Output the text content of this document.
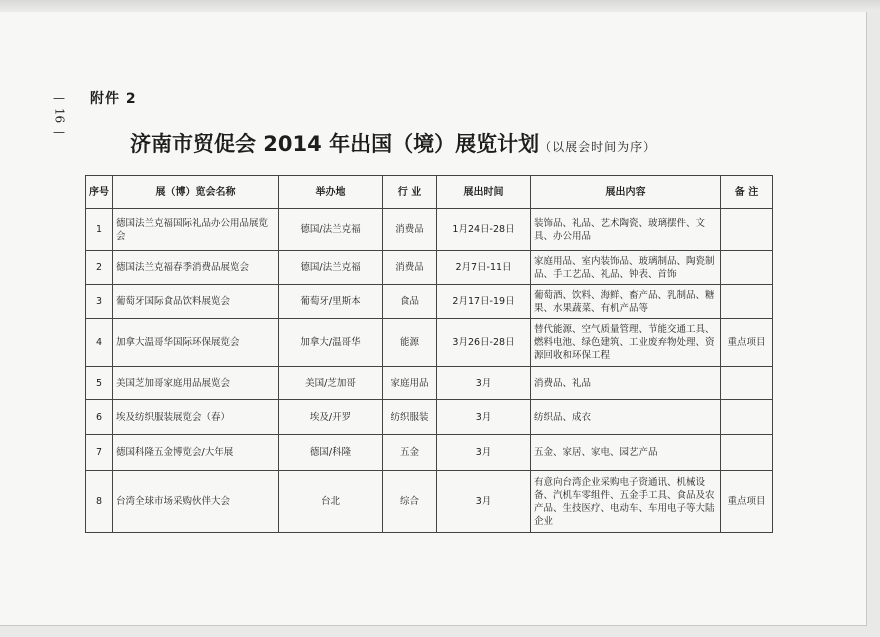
—
16
—
附件 2
济南市贸促会 2014 年出国（境）展览计划（以展会时间为序）
序号	展（博）览会名称	举办地	行 业	展出时间	展出内容	备 注
1	德国法兰克福国际礼品办公用品展览会	德国/法兰克福	消费品	1月24日-28日	装饰品、礼品、艺术陶瓷、玻璃摆件、文具、办公用品	
2	德国法兰克福春季消费品展览会	德国/法兰克福	消费品	2月7日-11日	家庭用品、室内装饰品、玻璃制品、陶瓷制品、手工艺品、礼品、钟表、首饰	
3	葡萄牙国际食品饮料展览会	葡萄牙/里斯本	食品	2月17日-19日	葡萄酒、饮料、海鲜、畜产品、乳制品、糖果、水果蔬菜、有机产品等	
4	加拿大温哥华国际环保展览会	加拿大/温哥华	能源	3月26日-28日	替代能源、空气质量管理、节能交通工具、燃料电池、绿色建筑、工业废弃物处理、资源回收和环保工程	重点项目
5	美国芝加哥家庭用品展览会	美国/芝加哥	家庭用品	3月	消费品、礼品	
6	埃及纺织服装展览会（春）	埃及/开罗	纺织服装	3月	纺织品、成衣	
7	德国科隆五金博览会/大年展	德国/科隆	五金	3月	五金、家居、家电、园艺产品	
8	台湾全球市场采购伙伴大会	台北	综合	3月	有意向台湾企业采购电子资通讯、机械设备、汽机车零组件、五金手工具、食品及农产品、生技医疗、电动车、车用电子等大陆企业	重点项目
